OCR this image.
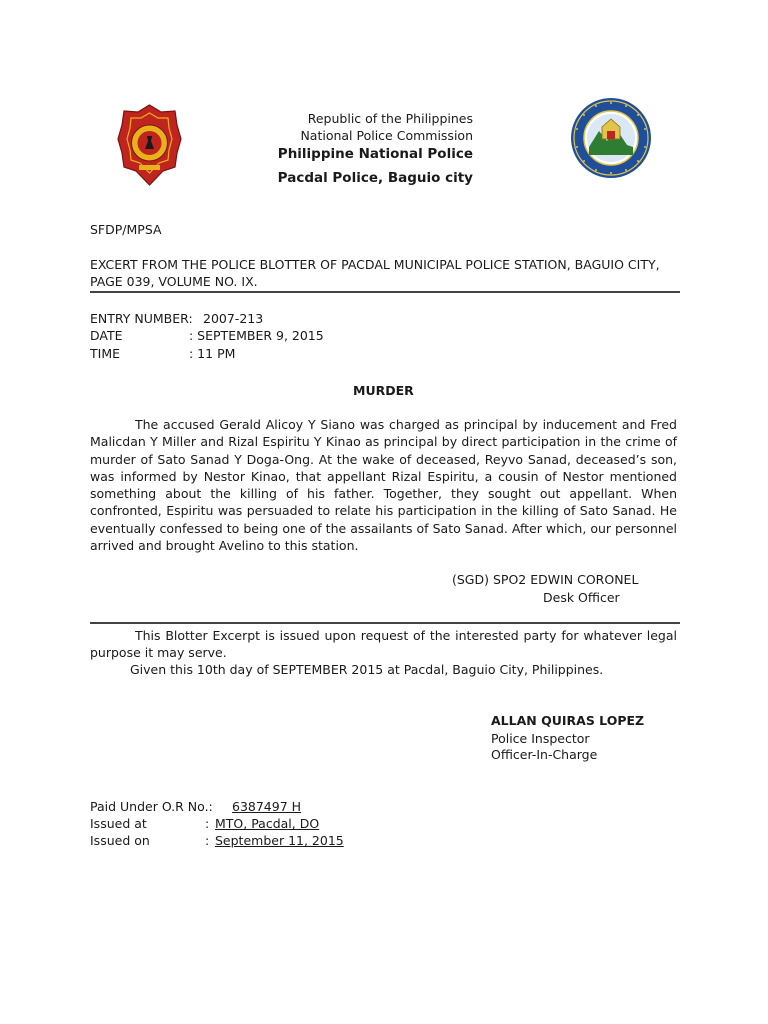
Republic of the Philippines
National Police Commission
Philippine National Police
Pacdal Police, Baguio city
SFDP/MPSA
EXCERT FROM THE POLICE BLOTTER OF PACDAL MUNICIPAL POLICE STATION, BAGUIO CITY,
PAGE 039, VOLUME NO. IX.
ENTRY NUMBER: 2007-213
DATE	: SEPTEMBER 9, 2015
TIME	: 11 PM
MURDER
The accused Gerald Alicoy Y Siano was charged as principal by inducement and Fred Malicdan Y Miller and Rizal Espiritu Y Kinao as principal by direct participation in the crime of murder of Sato Sanad Y Doga-Ong. At the wake of deceased, Reyvo Sanad, deceased’s son, was informed by Nestor Kinao, that appellant Rizal Espiritu, a cousin of Nestor mentioned something about the killing of his father. Together, they sought out appellant. When confronted, Espiritu was persuaded to relate his participation in the killing of Sato Sanad. He eventually confessed to being one of the assailants of Sato Sanad. After which, our personnel arrived and brought Avelino to this station.
(SGD) SPO2 EDWIN CORONEL
Desk Officer
This Blotter Excerpt is issued upon request of the interested party for whatever legal purpose it may serve.
Given this 10th day of SEPTEMBER 2015 at Pacdal, Baguio City, Philippines.
ALLAN QUIRAS LOPEZ
Police Inspector
Officer-In-Charge
Paid Under O.R No.: 6387497 H
Issued at	: MTO, Pacdal, DO
Issued on	: September 11, 2015
